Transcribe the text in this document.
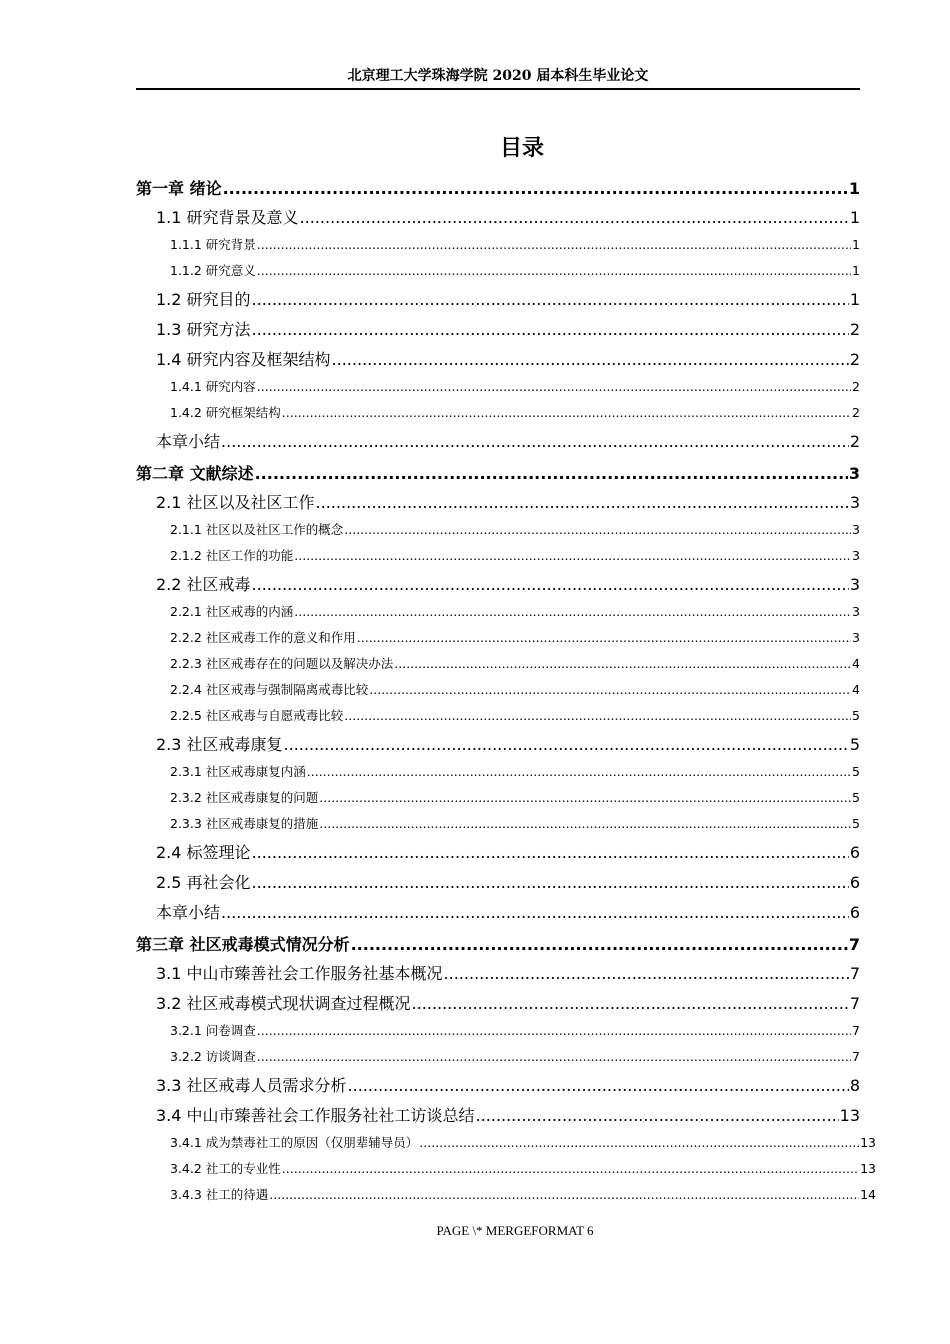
北京理工大学珠海学院 2020 届本科生毕业论文
目录
第一章 绪论 .....	1
1.1 研究背景及意义 .....	1
1.1.1 研究背景 .....	1
1.1.2 研究意义 .....	1
1.2 研究目的 .....	1
1.3 研究方法 .....	2
1.4 研究内容及框架结构 .....	2
1.4.1 研究内容 .....	2
1.4.2 研究框架结构 .....	2
本章小结 .....	2
第二章 文献综述 .....	3
2.1 社区以及社区工作 .....	3
2.1.1 社区以及社区工作的概念 .....	3
2.1.2 社区工作的功能 .....	3
2.2 社区戒毒 .....	3
2.2.1 社区戒毒的内涵 .....	3
2.2.2 社区戒毒工作的意义和作用 .....	3
2.2.3 社区戒毒存在的问题以及解决办法 .....	4
2.2.4 社区戒毒与强制隔离戒毒比较 .....	4
2.2.5 社区戒毒与自愿戒毒比较 .....	5
2.3 社区戒毒康复 .....	5
2.3.1 社区戒毒康复内涵 .....	5
2.3.2 社区戒毒康复的问题 .....	5
2.3.3 社区戒毒康复的措施 .....	5
2.4 标签理论 .....	6
2.5 再社会化 .....	6
本章小结 .....	6
第三章 社区戒毒模式情况分析 .....	7
3.1 中山市臻善社会工作服务社基本概况 .....	7
3.2 社区戒毒模式现状调查过程概况 .....	7
3.2.1 问卷调查 .....	7
3.2.2 访谈调查 .....	7
3.3 社区戒毒人员需求分析 .....	8
3.4 中山市臻善社会工作服务社社工访谈总结 .....	13
3.4.1 成为禁毒社工的原因（仅朋辈辅导员） .....	13
3.4.2 社工的专业性 .....	13
3.4.3 社工的待遇 .....	14
PAGE \* MERGEFORMAT 6
